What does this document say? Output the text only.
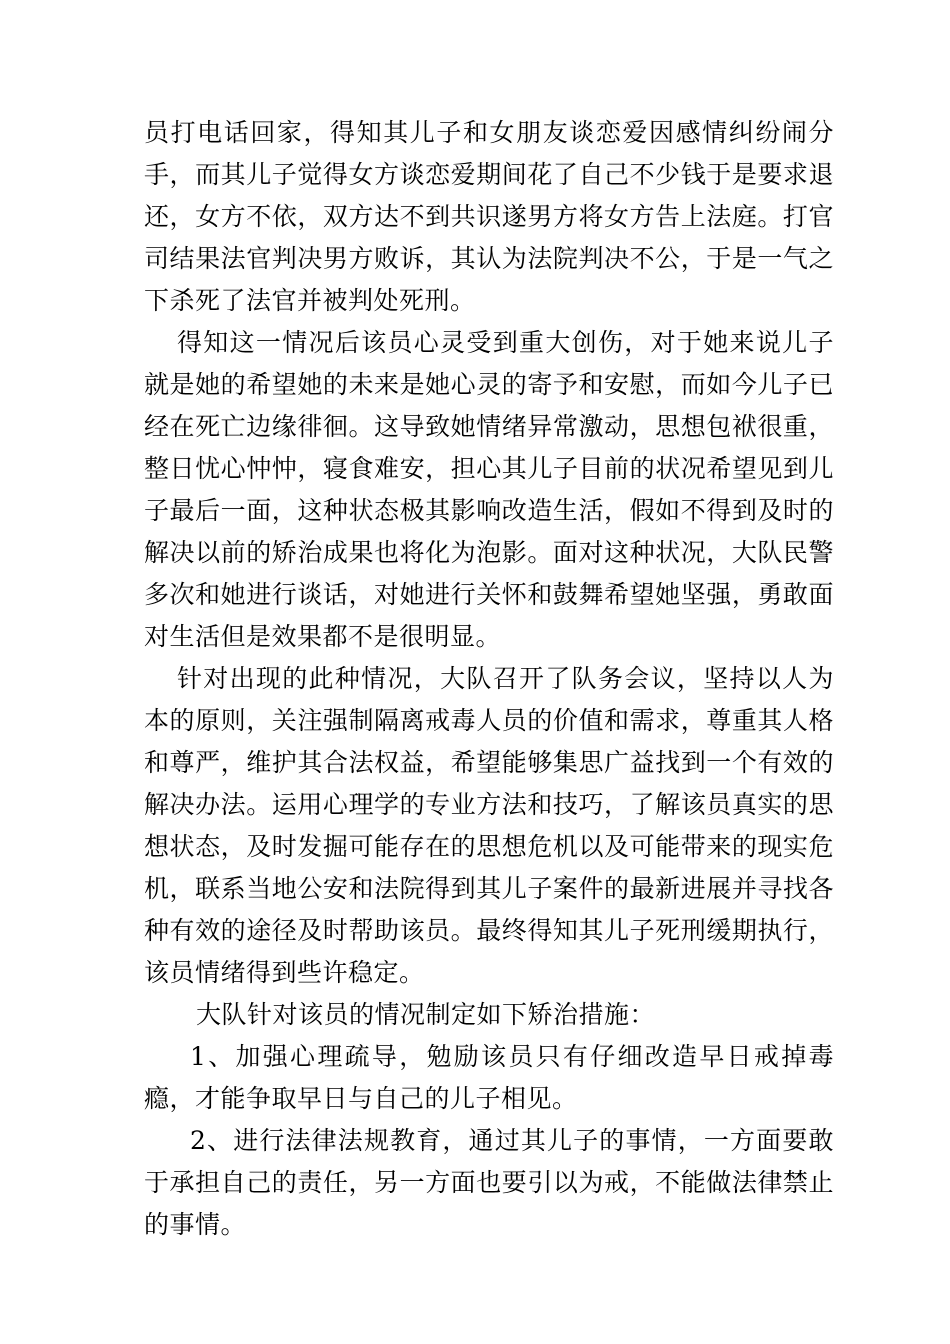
员打电话回家，得知其儿子和女朋友谈恋爱因感情纠纷闹分手，而其儿子觉得女方谈恋爱期间花了自己不少钱于是要求退还，女方不依，双方达不到共识遂男方将女方告上法庭。打官司结果法官判决男方败诉，其认为法院判决不公，于是一气之下杀死了法官并被判处死刑。

得知这一情况后该员心灵受到重大创伤，对于她来说儿子就是她的希望她的未来是她心灵的寄予和安慰，而如今儿子已经在死亡边缘徘徊。这导致她情绪异常激动，思想包袱很重，整日忧心忡忡，寝食难安，担心其儿子目前的状况希望见到儿子最后一面，这种状态极其影响改造生活，假如不得到及时的解决以前的矫治成果也将化为泡影。面对这种状况，大队民警多次和她进行谈话，对她进行关怀和鼓舞希望她坚强，勇敢面对生活但是效果都不是很明显。

针对出现的此种情况，大队召开了队务会议，坚持以人为本的原则，关注强制隔离戒毒人员的价值和需求，尊重其人格和尊严，维护其合法权益，希望能够集思广益找到一个有效的解决办法。运用心理学的专业方法和技巧，了解该员真实的思想状态，及时发掘可能存在的思想危机以及可能带来的现实危机，联系当地公安和法院得到其儿子案件的最新进展并寻找各种有效的途径及时帮助该员。最终得知其儿子死刑缓期执行，该员情绪得到些许稳定。

大队针对该员的情况制定如下矫治措施：

1、加强心理疏导，勉励该员只有仔细改造早日戒掉毒瘾，才能争取早日与自己的儿子相见。

2、进行法律法规教育，通过其儿子的事情，一方面要敢于承担自己的责任，另一方面也要引以为戒，不能做法律禁止的事情。
